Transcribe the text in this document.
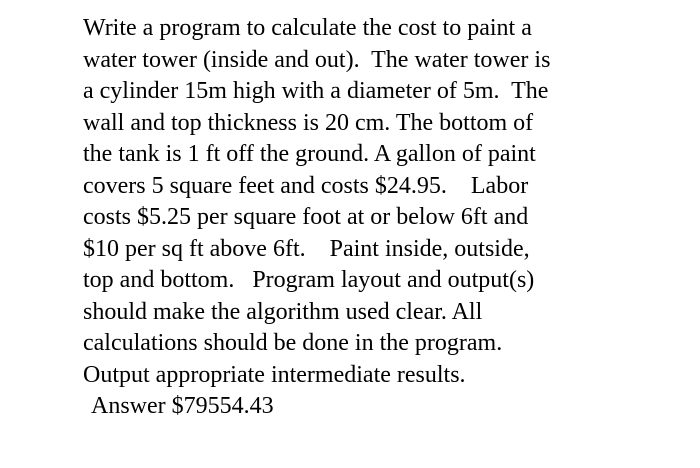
Write a program to calculate the cost to paint a
water tower (inside and out).  The water tower is
a cylinder 15m high with a diameter of 5m.  The
wall and top thickness is 20 cm. The bottom of
the tank is 1 ft off the ground. A gallon of paint
covers 5 square feet and costs $24.95.    Labor
costs $5.25 per square foot at or below 6ft and
$10 per sq ft above 6ft.    Paint inside, outside,
top and bottom.   Program layout and output(s)
should make the algorithm used clear. All
calculations should be done in the program.
Output appropriate intermediate results.
Answer $79554.43
